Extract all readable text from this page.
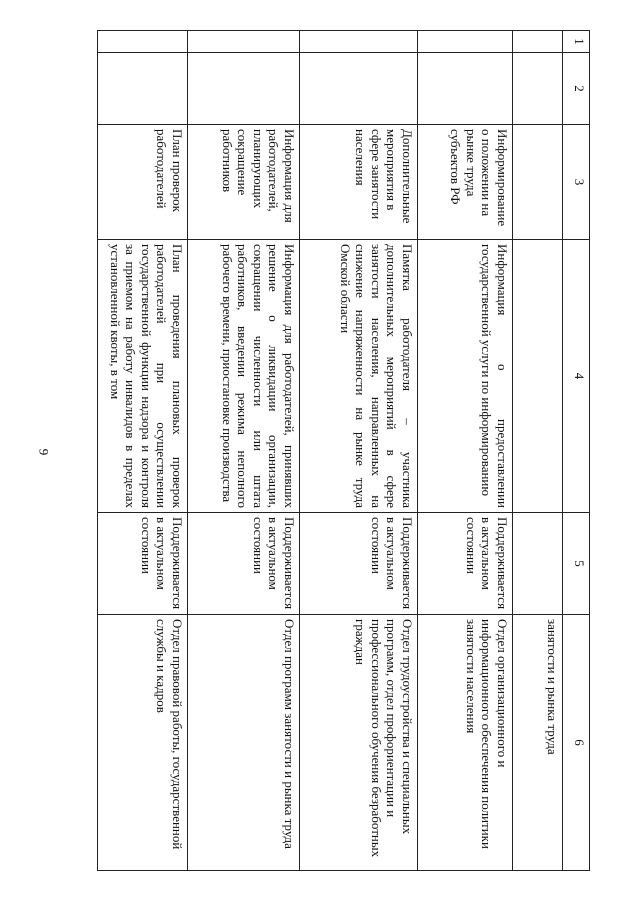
9
1	2	3	4	5	6
					занятости и рынка труда
		Информирование о положении на рынке труда субъектов РФ	Информация о предоставлении государственной услуги по информированию	Поддерживается в актуальном состоянии	Отдел организационного и информационного обеспечения политики занятости населения
		Дополнительные мероприятия в сфере занятости населения	Памятка работодателя – участника дополнительных мероприятий в сфере занятости населения, направленных на снижение напряженности на рынке труда Омской области	Поддерживается в актуальном состоянии	Отдел трудоустройства и специальных программ, отдел профориентации и профессионального обучения безработных граждан
		Информация для работодателей, планирующих сокращение работников	Информация для работодателей, принявших решение о ликвидации организации, сокращении численности или штата работников, введении режима неполного рабочего времени, приостановке производства	Поддерживается в актуальном состоянии	Отдел программ занятости и рынка труда
		План проверок работодателей	План проведения плановых проверок работодателей при осуществлении государственной функции надзора и контроля за приемом на работу инвалидов в пределах установленной квоты, в том	Поддерживается в актуальном состоянии	Отдел правовой работы, государственной службы и кадров
